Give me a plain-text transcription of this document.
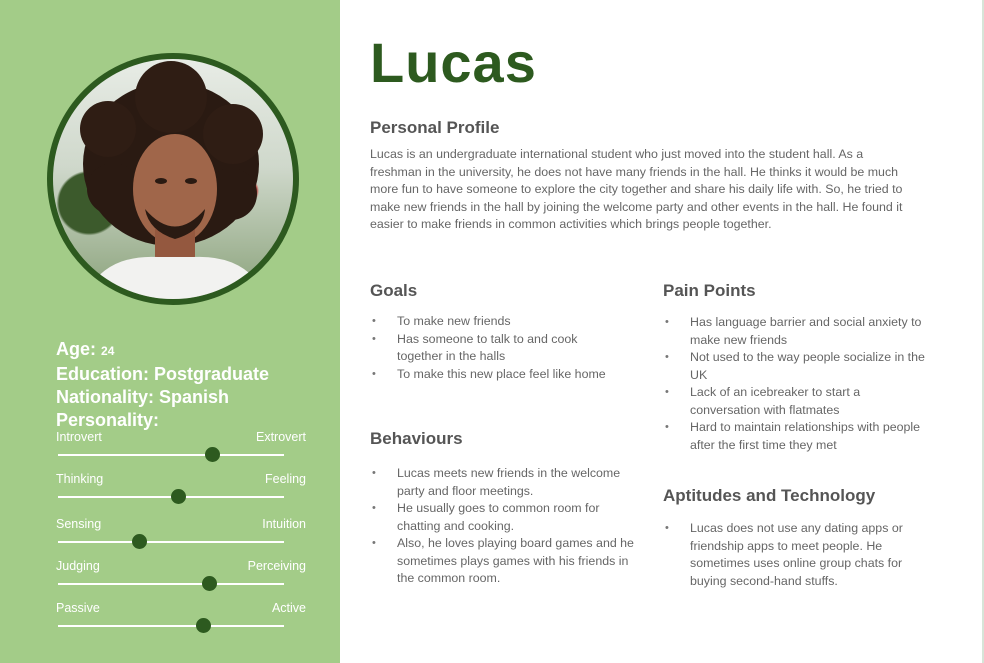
Age: 24
Education: Postgraduate
Nationality: Spanish
Personality:
Introvert	Extrovert
Thinking	Feeling
Sensing	Intuition
Judging	Perceiving
Passive	Active
Lucas
Personal Profile
Lucas is an undergraduate international student who just moved into the student hall. As a freshman in the university, he does not have many friends in the hall. He thinks it would be much more fun to have someone to explore the city together and share his daily life with. So, he tried to make new friends in the hall by joining the welcome party and other events in the hall. He found it easier to make friends in common activities which brings people together.
Goals
• To make new friends
• Has someone to talk to and cook together in the halls
• To make this new place feel like home
Behaviours
• Lucas meets new friends in the welcome party and floor meetings.
• He usually goes to common room for chatting and cooking.
• Also, he loves playing board games and he sometimes plays games with his friends in the common room.
Pain Points
• Has language barrier and social anxiety to make new friends
• Not used to the way people socialize in the UK
• Lack of an icebreaker to start a conversation with flatmates
• Hard to maintain relationships with people after the first time they met
Aptitudes and Technology
• Lucas does not use any dating apps or friendship apps to meet people. He sometimes uses online group chats for buying second-hand stuffs.
